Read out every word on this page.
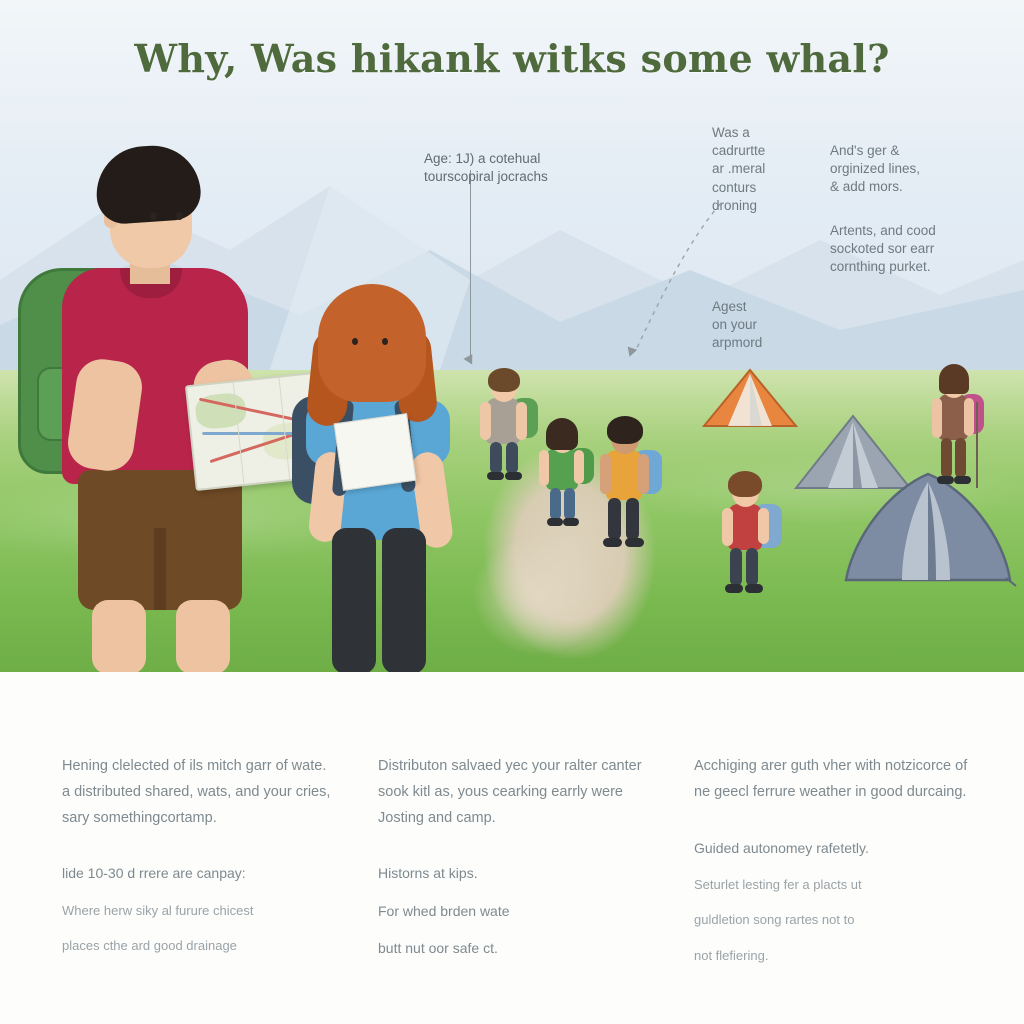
Why, Was hikank witks some whal?
Age: 1J) a cotehual
tourscopiral jocrachs
Was a
cadrurtte
ar .meral
conturs
droning
Agest
on your
arpmord
And's ger &
orginized lines,
& add mors.
Artents, and cood
sockoted sor earr
cornthing purket.

Hening clelected of ils mitch garr of wate. a distributed shared, wats, and your cries, sary somethingcortamp.

lide 10-30 d rrere are canpay:

Where herw siky al furure chicest

places cthe ard good drainage

Distributon salvaed yec your ralter canter sook kitl as, yous cearking earrly were Josting and camp.

Historns at kips.

For whed brden wate

butt nut oor safe ct.

Acchiging arer guth vher with notzicorce of ne geecl ferrure weather in good durcaing.

Guided autonomey rafetetly.

Seturlet lesting fer a placts ut

guldletion song rartes not to

not flefiering.
